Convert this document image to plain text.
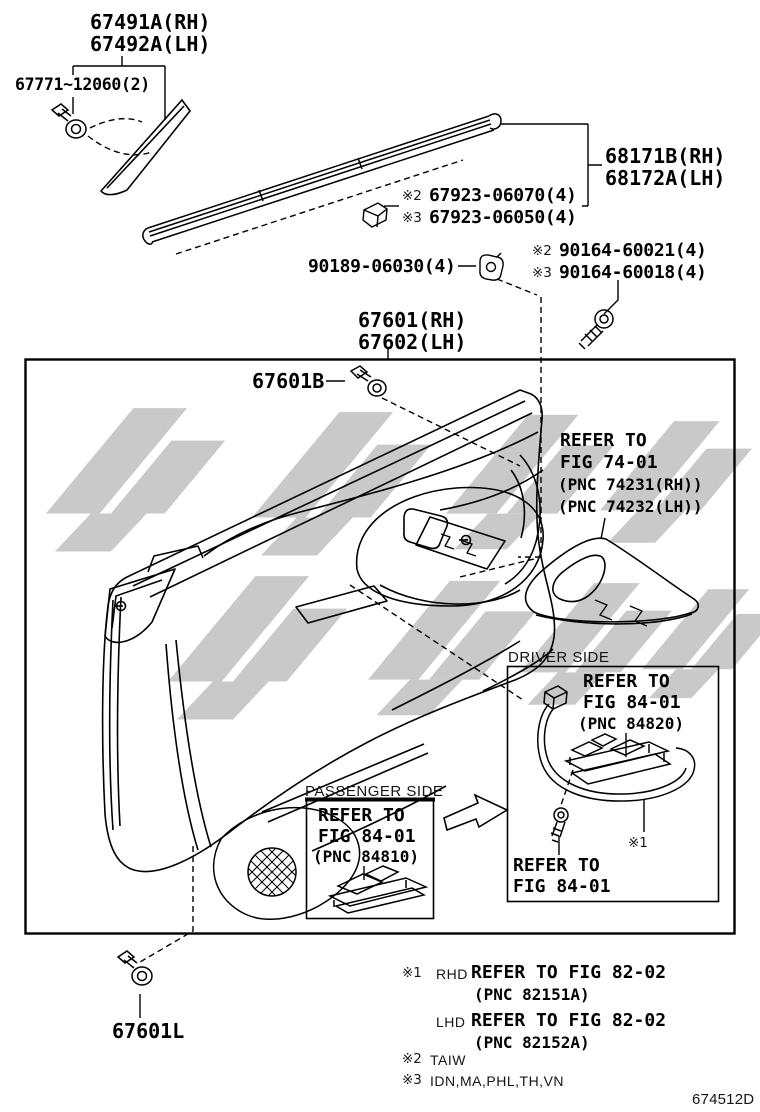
67491A(RH)
67492A(LH)
67771~12060(2)
68171B(RH)
68172A(LH)
※2 67923-06070(4)
※3 67923-06050(4)
90189-06030(4)
※2 90164-60021(4)
※3 90164-60018(4)
67601(RH)
67602(LH)
67601B
REFER TO
FIG 74-01
(PNC 74231(RH))
(PNC 74232(LH))
DRIVER SIDE
REFER TO
FIG 84-01
(PNC 84820)
※1
REFER TO
FIG 84-01
PASSENGER SIDE
REFER TO
FIG 84-01
(PNC 84810)
67601L
※1 RHD REFER TO FIG 82-02
(PNC 82151A)
LHD REFER TO FIG 82-02
(PNC 82152A)
※2 TAIW
※3 IDN,MA,PHL,TH,VN
674512D
